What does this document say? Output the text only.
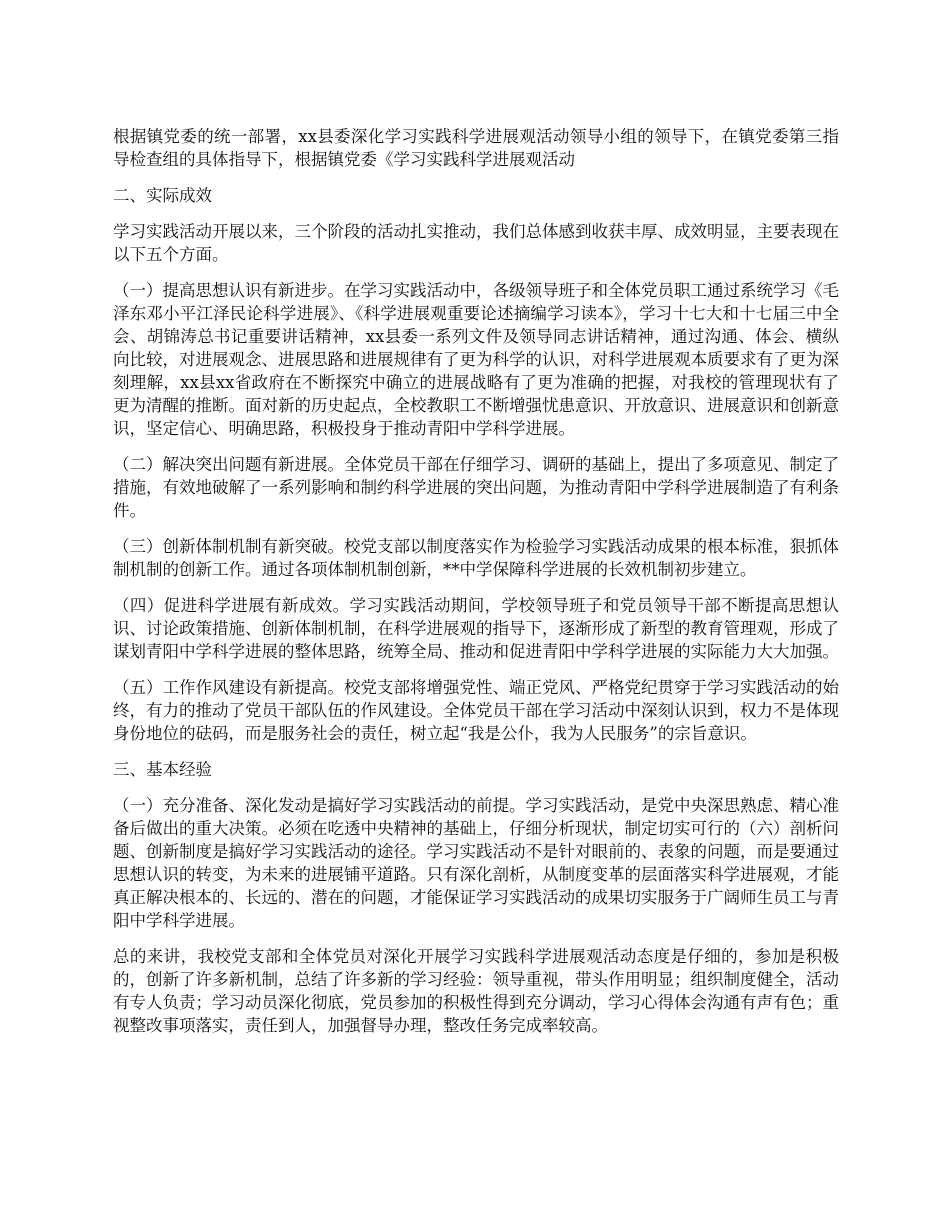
根据镇党委的统一部署，xx县委深化学习实践科学进展观活动领导小组的领导下，在镇党委第三指导检查组的具体指导下，根据镇党委《学习实践科学进展观活动

二、实际成效

学习实践活动开展以来，三个阶段的活动扎实推动，我们总体感到收获丰厚、成效明显，主要表现在以下五个方面。

（一）提高思想认识有新进步。在学习实践活动中，各级领导班子和全体党员职工通过系统学习《毛泽东邓小平江泽民论科学进展》、《科学进展观重要论述摘编学习读本》，学习十七大和十七届三中全会、胡锦涛总书记重要讲话精神，xx县委一系列文件及领导同志讲话精神，通过沟通、体会、横纵向比较，对进展观念、进展思路和进展规律有了更为科学的认识，对科学进展观本质要求有了更为深刻理解，xx县xx省政府在不断探究中确立的进展战略有了更为准确的把握，对我校的管理现状有了更为清醒的推断。面对新的历史起点，全校教职工不断增强忧患意识、开放意识、进展意识和创新意识，坚定信心、明确思路，积极投身于推动青阳中学科学进展。

（二）解决突出问题有新进展。全体党员干部在仔细学习、调研的基础上，提出了多项意见、制定了措施，有效地破解了一系列影响和制约科学进展的突出问题，为推动青阳中学科学进展制造了有利条件。

（三）创新体制机制有新突破。校党支部以制度落实作为检验学习实践活动成果的根本标准，狠抓体制机制的创新工作。通过各项体制机制创新，**中学保障科学进展的长效机制初步建立。

（四）促进科学进展有新成效。学习实践活动期间，学校领导班子和党员领导干部不断提高思想认识、讨论政策措施、创新体制机制，在科学进展观的指导下，逐渐形成了新型的教育管理观，形成了谋划青阳中学科学进展的整体思路，统筹全局、推动和促进青阳中学科学进展的实际能力大大加强。

（五）工作作风建设有新提高。校党支部将增强党性、端正党风、严格党纪贯穿于学习实践活动的始终，有力的推动了党员干部队伍的作风建设。全体党员干部在学习活动中深刻认识到，权力不是体现身份地位的砝码，而是服务社会的责任，树立起“我是公仆，我为人民服务”的宗旨意识。

三、基本经验

（一）充分准备、深化发动是搞好学习实践活动的前提。学习实践活动，是党中央深思熟虑、精心准备后做出的重大决策。必须在吃透中央精神的基础上，仔细分析现状，制定切实可行的（六）剖析问题、创新制度是搞好学习实践活动的途径。学习实践活动不是针对眼前的、表象的问题，而是要通过思想认识的转变，为未来的进展铺平道路。只有深化剖析，从制度变革的层面落实科学进展观，才能真正解决根本的、长远的、潜在的问题，才能保证学习实践活动的成果切实服务于广阔师生员工与青阳中学科学进展。

总的来讲，我校党支部和全体党员对深化开展学习实践科学进展观活动态度是仔细的，参加是积极的，创新了许多新机制，总结了许多新的学习经验：领导重视，带头作用明显；组织制度健全，活动有专人负责；学习动员深化彻底，党员参加的积极性得到充分调动，学习心得体会沟通有声有色；重视整改事项落实，责任到人，加强督导办理，整改任务完成率较高。
